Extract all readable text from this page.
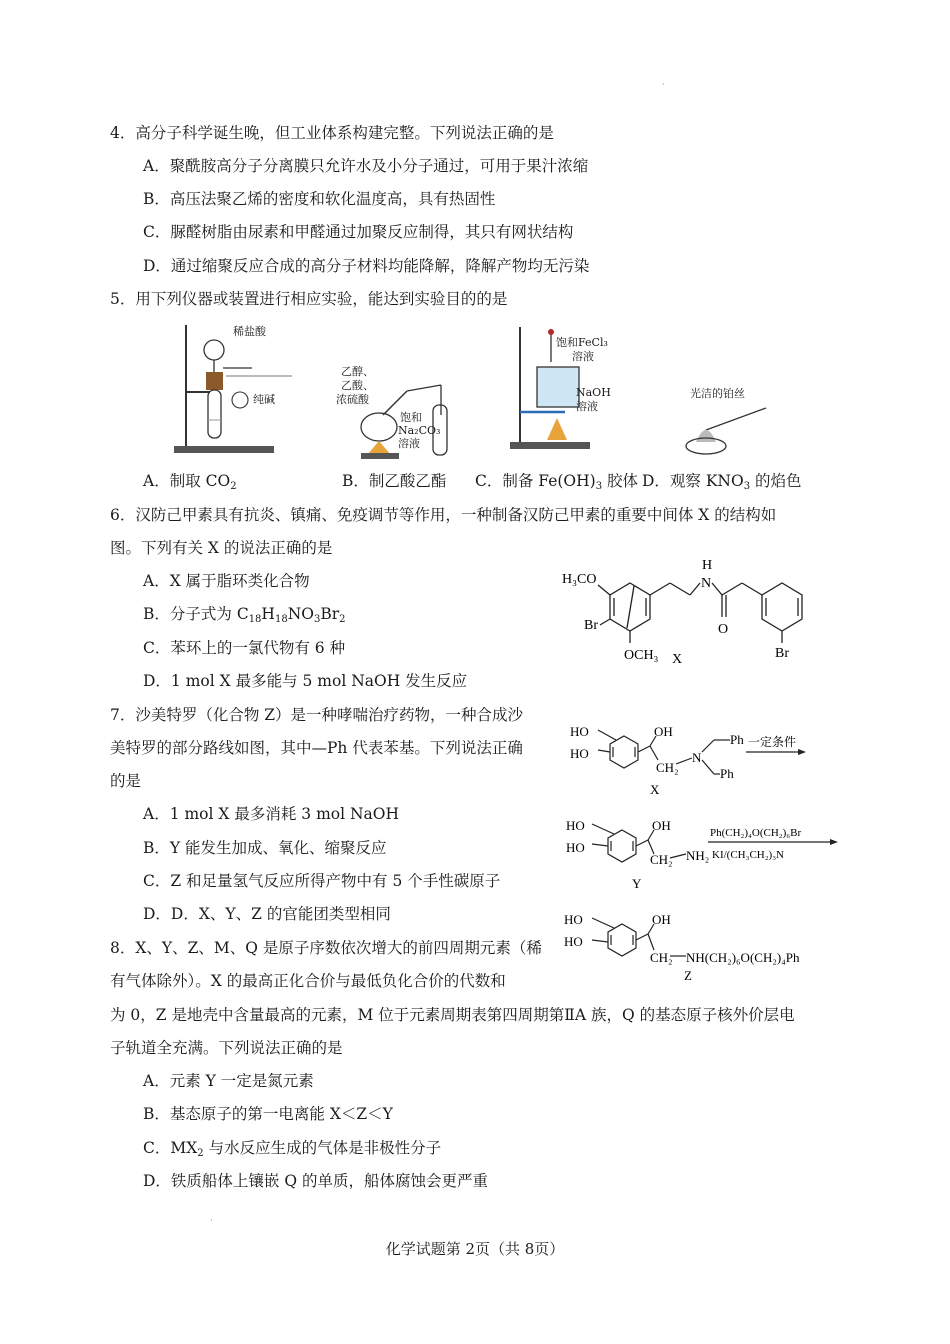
·
·
4．高分子科学诞生晚，但工业体系构建完整。下列说法正确的是
A．聚酰胺高分子分离膜只允许水及小分子通过，可用于果汁浓缩
B．高压法聚乙烯的密度和软化温度高，具有热固性
C．脲醛树脂由尿素和甲醛通过加聚反应制得，其只有网状结构
D．通过缩聚反应合成的高分子材料均能降解，降解产物均无污染
5．用下列仪器或装置进行相应实验，能达到实验目的的是
稀盐酸
纯碱
乙醇、
乙酸、
浓硫酸
饱和
Na₂CO₃
溶液
饱和FeCl₃
溶液
NaOH
溶液
光洁的铂丝
A．制取 $CO_2$	B．制乙酸乙酯 C．制备 $Fe(OH)_3$ 胶体 D．观察 $KNO_3$ 的焰色
6．汉防己甲素具有抗炎、镇痛、免疫调节等作用，一种制备汉防己甲素的重要中间体 X 的结构如
图。下列有关 X 的说法正确的是
A．X 属于脂环类化合物
B．分子式为 $C_{18}H_{18}NO_3Br_2$
C．苯环上的一氯代物有 6 种
D．1 mol X 最多能与 5 mol NaOH 发生反应
H₃CO
Br
OCH₃
N
H
O
Br
X
7．沙美特罗（化合物 Z）是一种哮喘治疗药物，一种合成沙
美特罗的部分路线如图，其中—Ph 代表苯基。下列说法正确
的是
A．1 mol X 最多消耗 3 mol NaOH
B．Y 能发生加成、氧化、缩聚反应
C．Z 和足量氢气反应所得产物中有 5 个手性碳原子
D．D．X、Y、Z 的官能团类型相同
HO
HO
OH
CH₂
N
Ph
Ph
一定条件
X
HO
HO
OH
CH₂ NH₂
Ph(CH₂)₄O(CH₂)₆Br
KI/(CH₃CH₂)₃N
Y
HO
HO
OH
CH₂ NH(CH₂)₆O(CH₂)₄Ph
Z
8．X、Y、Z、M、Q 是原子序数依次增大的前四周期元素（稀
有气体除外）。X 的最高正化合价与最低负化合价的代数和
为 0，Z 是地壳中含量最高的元素，M 位于元素周期表第四周期第ⅡA 族，Q 的基态原子核外价层电
子轨道全充满。下列说法正确的是
A．元素 Y 一定是氮元素
B．基态原子的第一电离能 X＜Z＜Y
C．$MX_2$ 与水反应生成的气体是非极性分子
D．铁质船体上镶嵌 Q 的单质，船体腐蚀会更严重
化学试题第 2页（共 8页）
